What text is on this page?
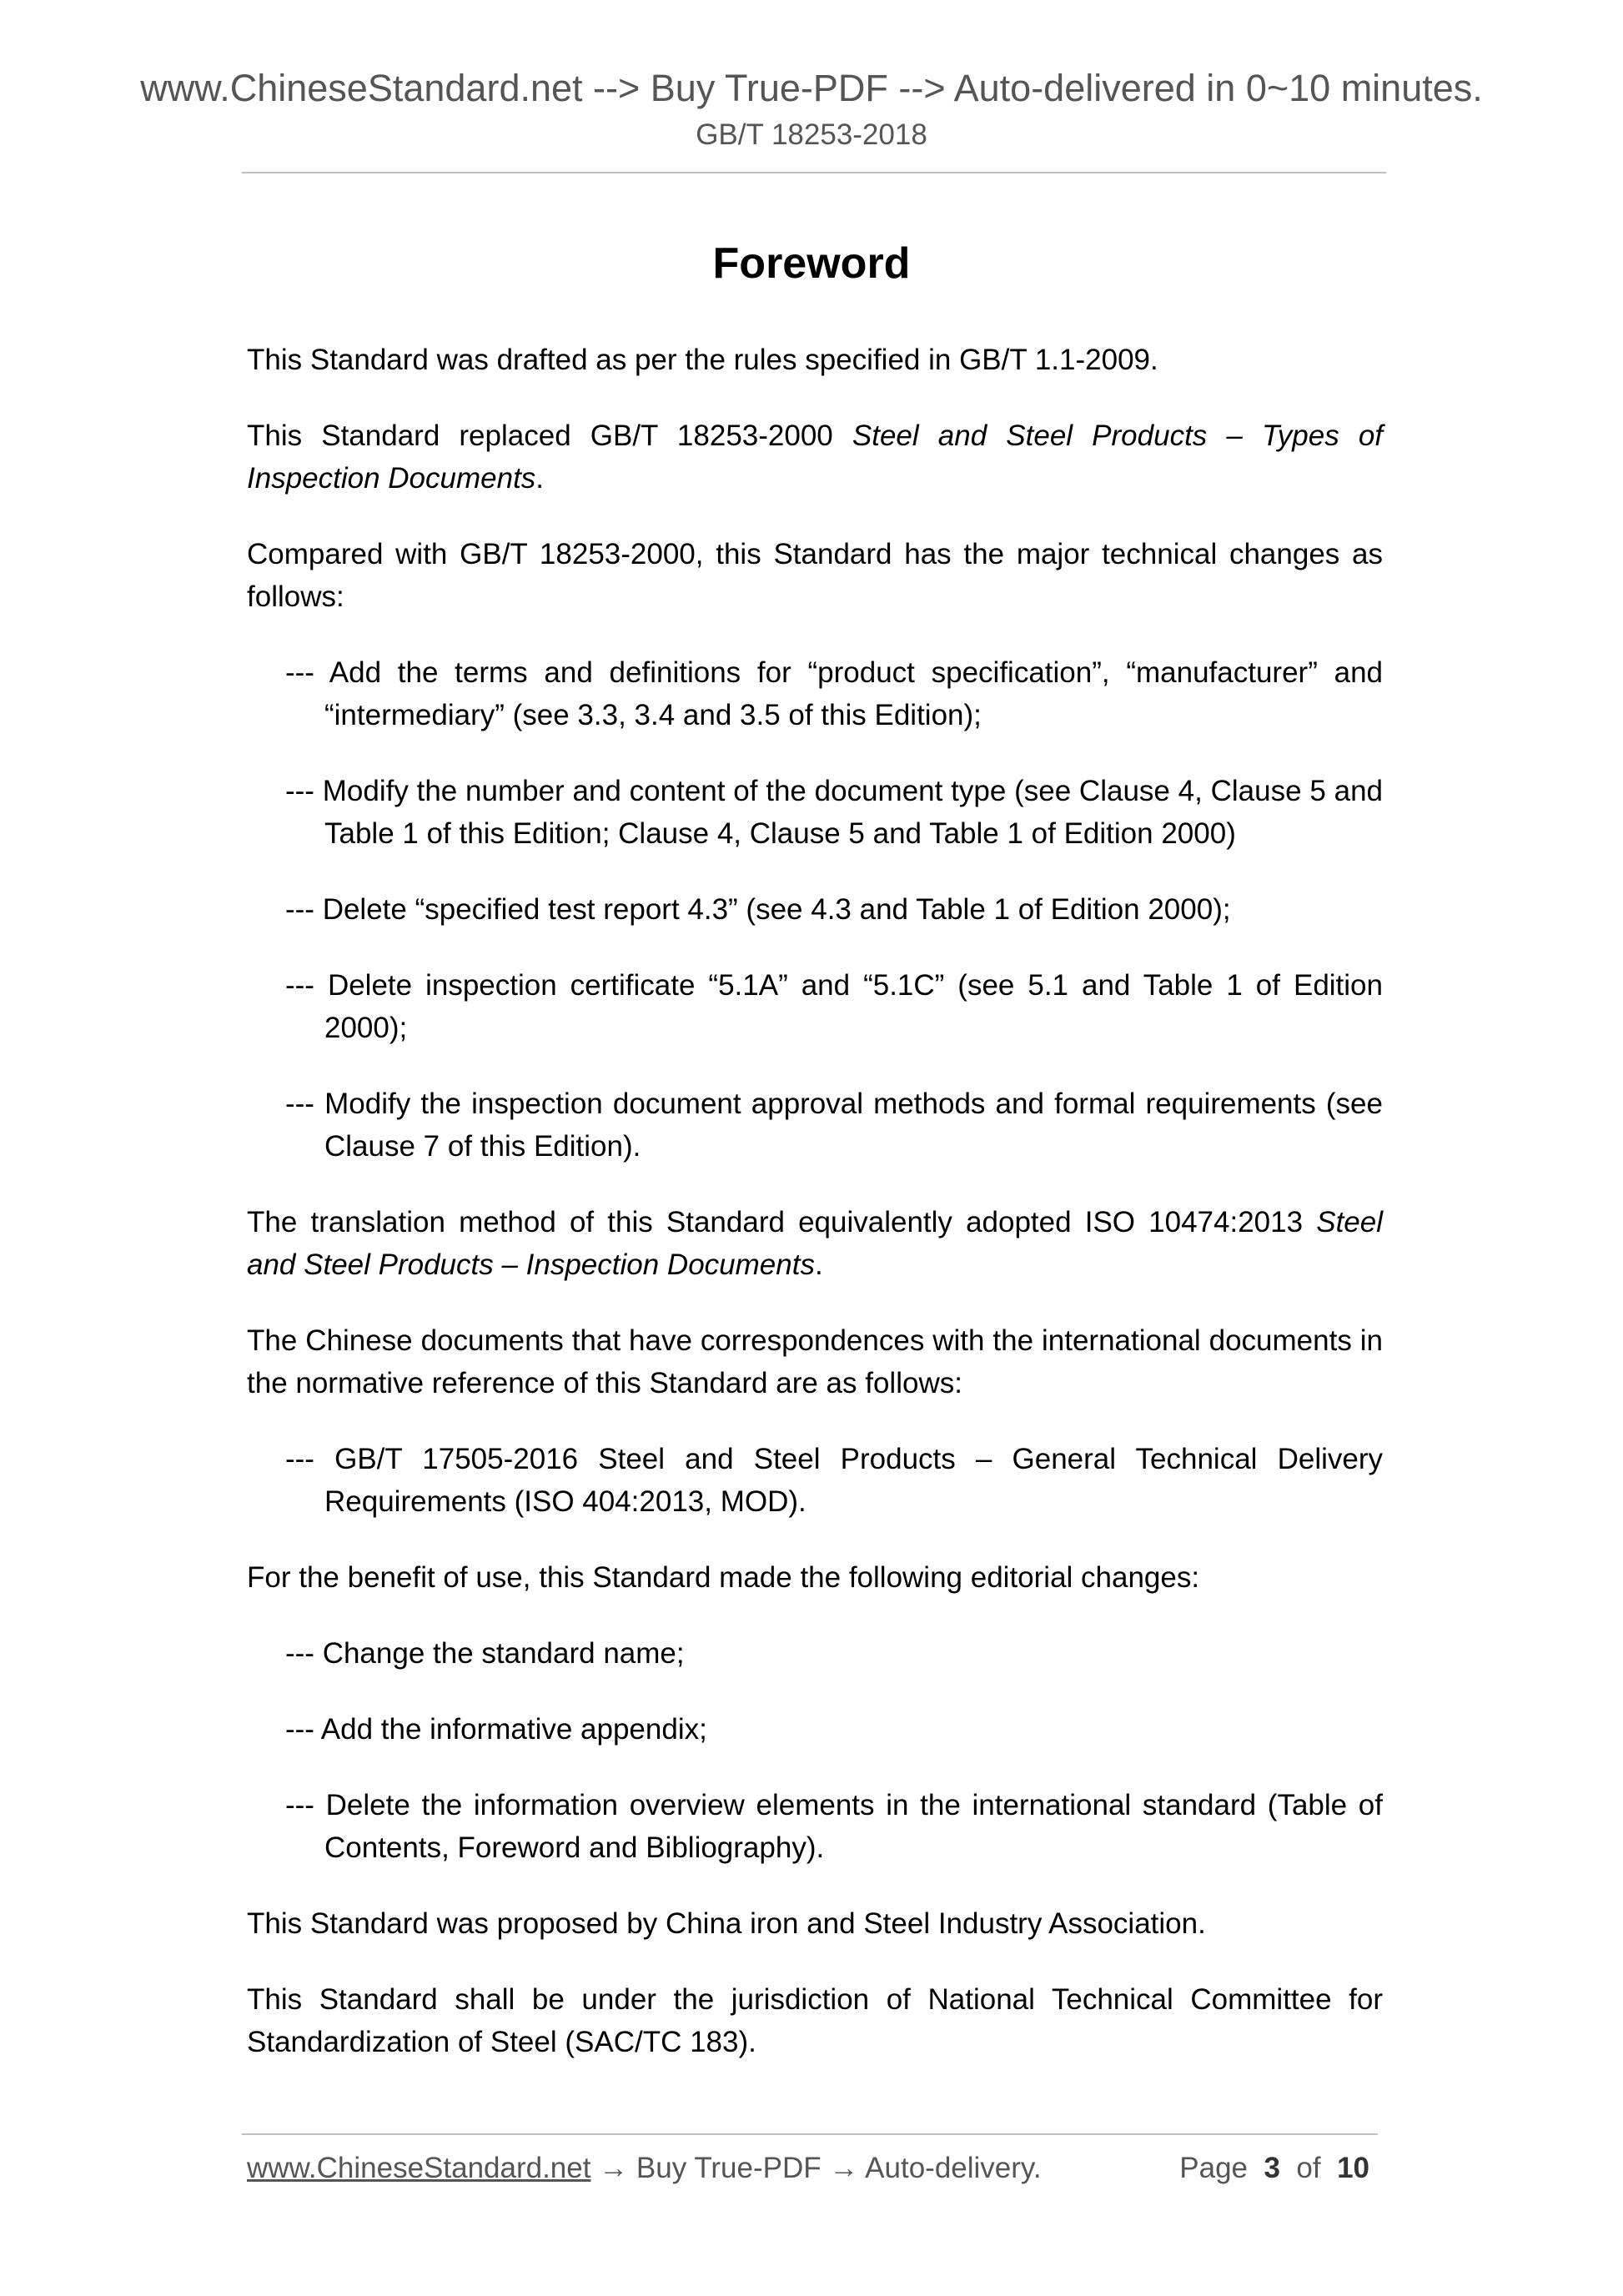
www.ChineseStandard.net --> Buy True-PDF --> Auto-delivered in 0~10 minutes.
GB/T 18253-2018
Foreword

This Standard was drafted as per the rules specified in GB/T 1.1-2009.

This Standard replaced GB/T 18253-2000 Steel and Steel Products – Types of Inspection Documents.

Compared with GB/T 18253-2000, this Standard has the major technical changes as follows:

--- Add the terms and definitions for “product specification”, “manufacturer” and “intermediary” (see 3.3, 3.4 and 3.5 of this Edition);

--- Modify the number and content of the document type (see Clause 4, Clause 5 and Table 1 of this Edition; Clause 4, Clause 5 and Table 1 of Edition 2000)

--- Delete “specified test report 4.3” (see 4.3 and Table 1 of Edition 2000);

--- Delete inspection certificate “5.1A” and “5.1C” (see 5.1 and Table 1 of Edition 2000);

--- Modify the inspection document approval methods and formal requirements (see Clause 7 of this Edition).

The translation method of this Standard equivalently adopted ISO 10474:2013 Steel and Steel Products – Inspection Documents.

The Chinese documents that have correspondences with the international documents in the normative reference of this Standard are as follows:

--- GB/T 17505-2016 Steel and Steel Products – General Technical Delivery Requirements (ISO 404:2013, MOD).

For the benefit of use, this Standard made the following editorial changes:

--- Change the standard name;

--- Add the informative appendix;

--- Delete the information overview elements in the international standard (Table of Contents, Foreword and Bibliography).

This Standard was proposed by China iron and Steel Industry Association.

This Standard shall be under the jurisdiction of National Technical Committee for Standardization of Steel (SAC/TC 183).

www.ChineseStandard.net → Buy True-PDF → Auto-delivery.	Page 3 of 10
